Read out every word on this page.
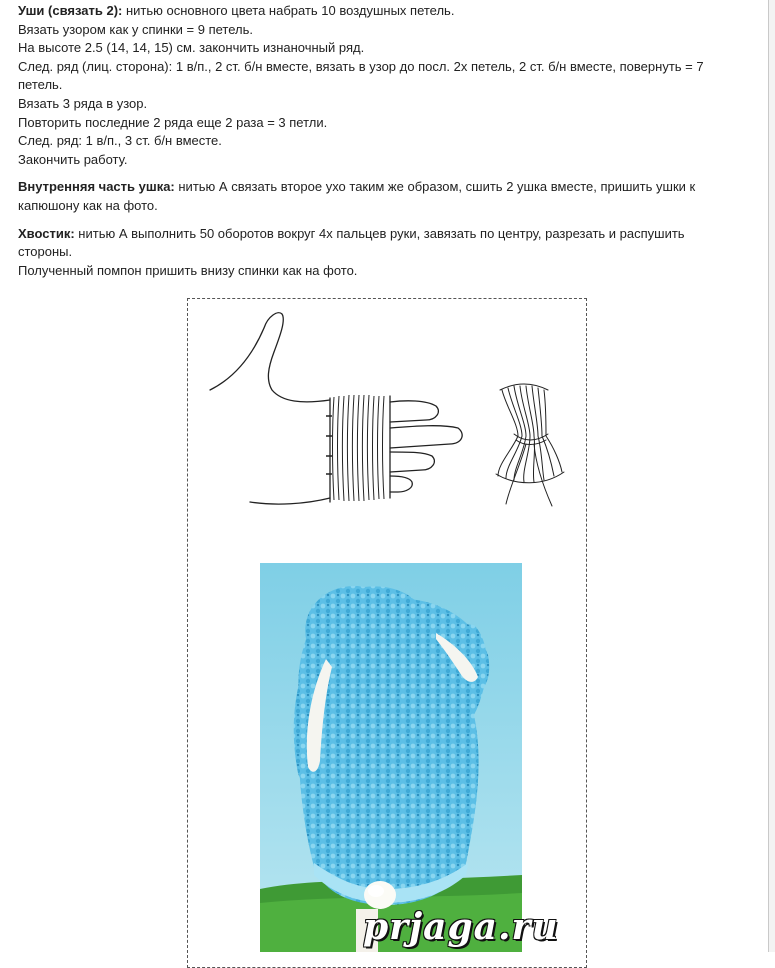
Уши (связать 2): нитью основного цвета набрать 10 воздушных петель.

Вязать узором как у спинки = 9 петель.

На высоте 2.5 (14, 14, 15) см. закончить изнаночный ряд.

След. ряд (лиц. сторона): 1 в/п., 2 ст. б/н вместе, вязать в узор до посл. 2х петель, 2 ст. б/н вместе, повернуть = 7

петель.

Вязать 3 ряда в узор.

Повторить последние 2 ряда еще 2 раза = 3 петли.

След. ряд: 1 в/п., 3 ст. б/н вместе.

Закончить работу.

Внутренняя часть ушка: нитью А связать второе ухо таким же образом, сшить 2 ушка вместе, пришить ушки к

капюшону как на фото.

Хвостик: нитью А выполнить 50 оборотов вокруг 4х пальцев руки, завязать по центру, разрезать и распушить

стороны.

Полученный помпон пришить внизу спинки как на фото.

prjaga.ru
